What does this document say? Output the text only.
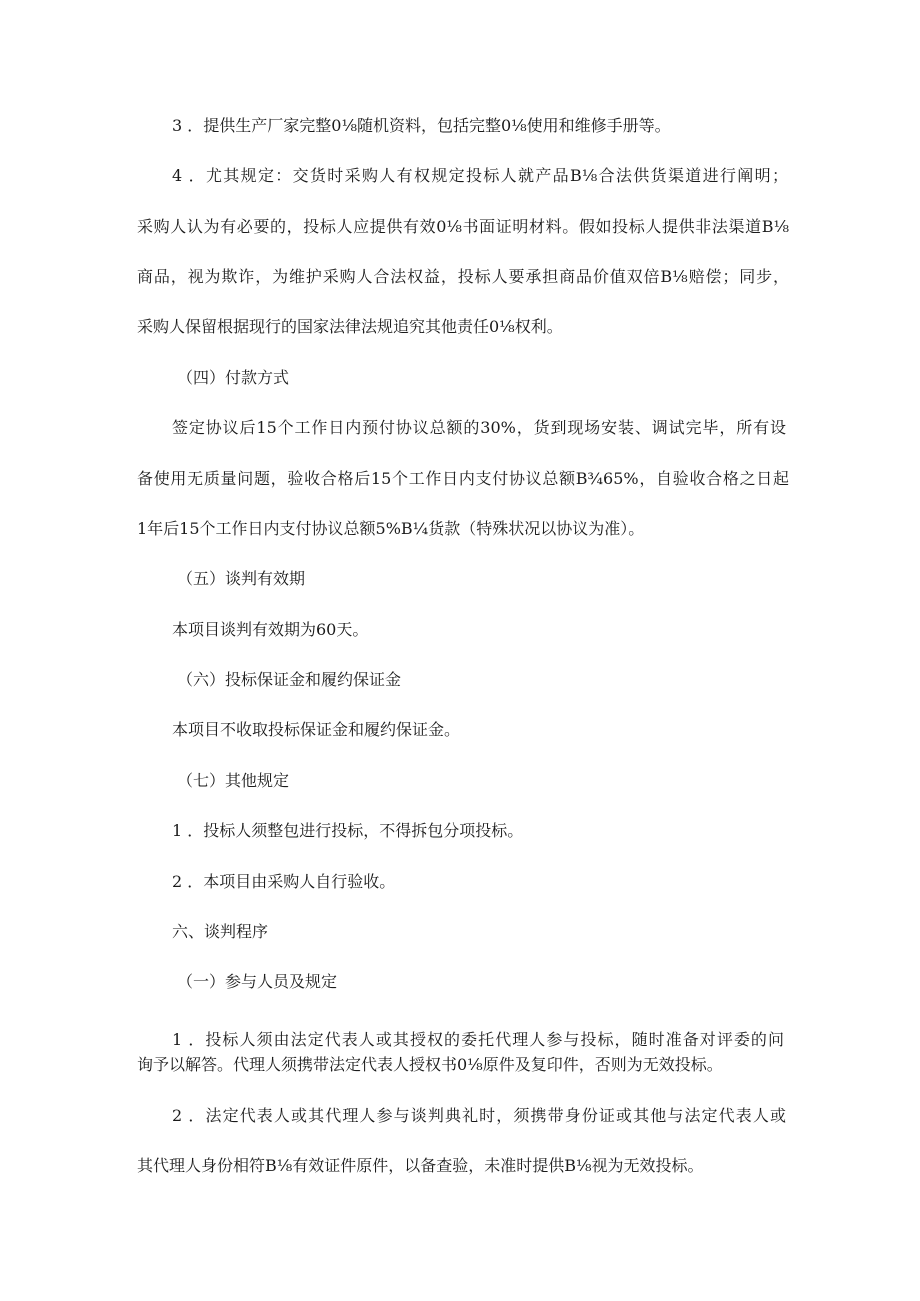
3 ．提供生产厂家完整0⅛随机资料，包括完整0⅛使用和维修手册等。

4 ．尤其规定：交货时采购人有权规定投标人就产品B⅛合法供货渠道进行阐明；

采购人认为有必要的，投标人应提供有效0⅛书面证明材料。假如投标人提供非法渠道B⅛

商品，视为欺诈，为维护采购人合法权益，投标人要承担商品价值双倍B⅛赔偿；同步，

采购人保留根据现行的国家法律法规追究其他责任0⅛权利。

（四）付款方式

签定协议后15个工作日内预付协议总额的30%，货到现场安装、调试完毕，所有设

备使用无质量问题，验收合格后15个工作日内支付协议总额B¾65%，自验收合格之日起

1年后15个工作日内支付协议总额5%B¼货款（特殊状况以协议为准）。

（五）谈判有效期

本项目谈判有效期为60天。

（六）投标保证金和履约保证金

本项目不收取投标保证金和履约保证金。

（七）其他规定

1 ．投标人须整包进行投标，不得拆包分项投标。

2 ．本项目由采购人自行验收。

六、谈判程序

（一）参与人员及规定

1 ．投标人须由法定代表人或其授权的委托代理人参与投标，随时准备对评委的问

询予以解答。代理人须携带法定代表人授权书0⅛原件及复印件，否则为无效投标。

2 ．法定代表人或其代理人参与谈判典礼时，须携带身份证或其他与法定代表人或

其代理人身份相符B⅛有效证件原件，以备查验，未准时提供B⅛视为无效投标。
